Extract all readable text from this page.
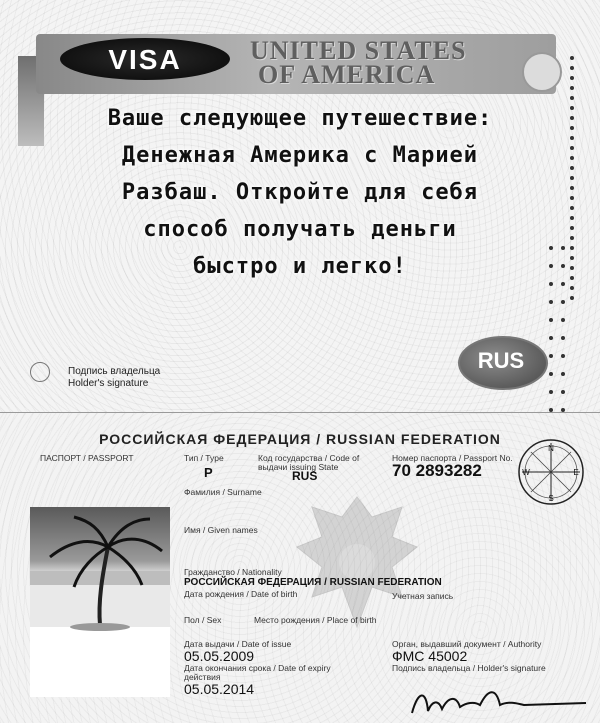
VISA	UNITED STATES
OF AMERICA

Ваше следующее путешествие:
Денежная Америка с Марией
Разбаш. Откройте для себя
способ получать деньги
быстро и легко!
Подпись владельца
Holder's signature
RUS
РОССИЙСКАЯ ФЕДЕРАЦИЯ / RUSSIAN FEDERATION
ПАСПОРТ / PASSPORT	Тип / Type
P
Код государства / Code of
выдачи issuing State
RUS
Номер паспорта / Passport No.
70 2893282
N
E
S
W
Фамилия / Surname
Имя / Given names
Гражданство / Nationality
РОССИЙСКАЯ ФЕДЕРАЦИЯ / RUSSIAN FEDERATION
Дата рождения / Date of birth	Учетная запись
Пол / Sex	Место рождения / Place of birth
Дата выдачи / Date of issue
05.05.2009
Орган, выдавший документ / Authority
ФМС 45002
Дата окончания срока / Date of expiry
действия
05.05.2014
Подпись владельца / Holder's signature
